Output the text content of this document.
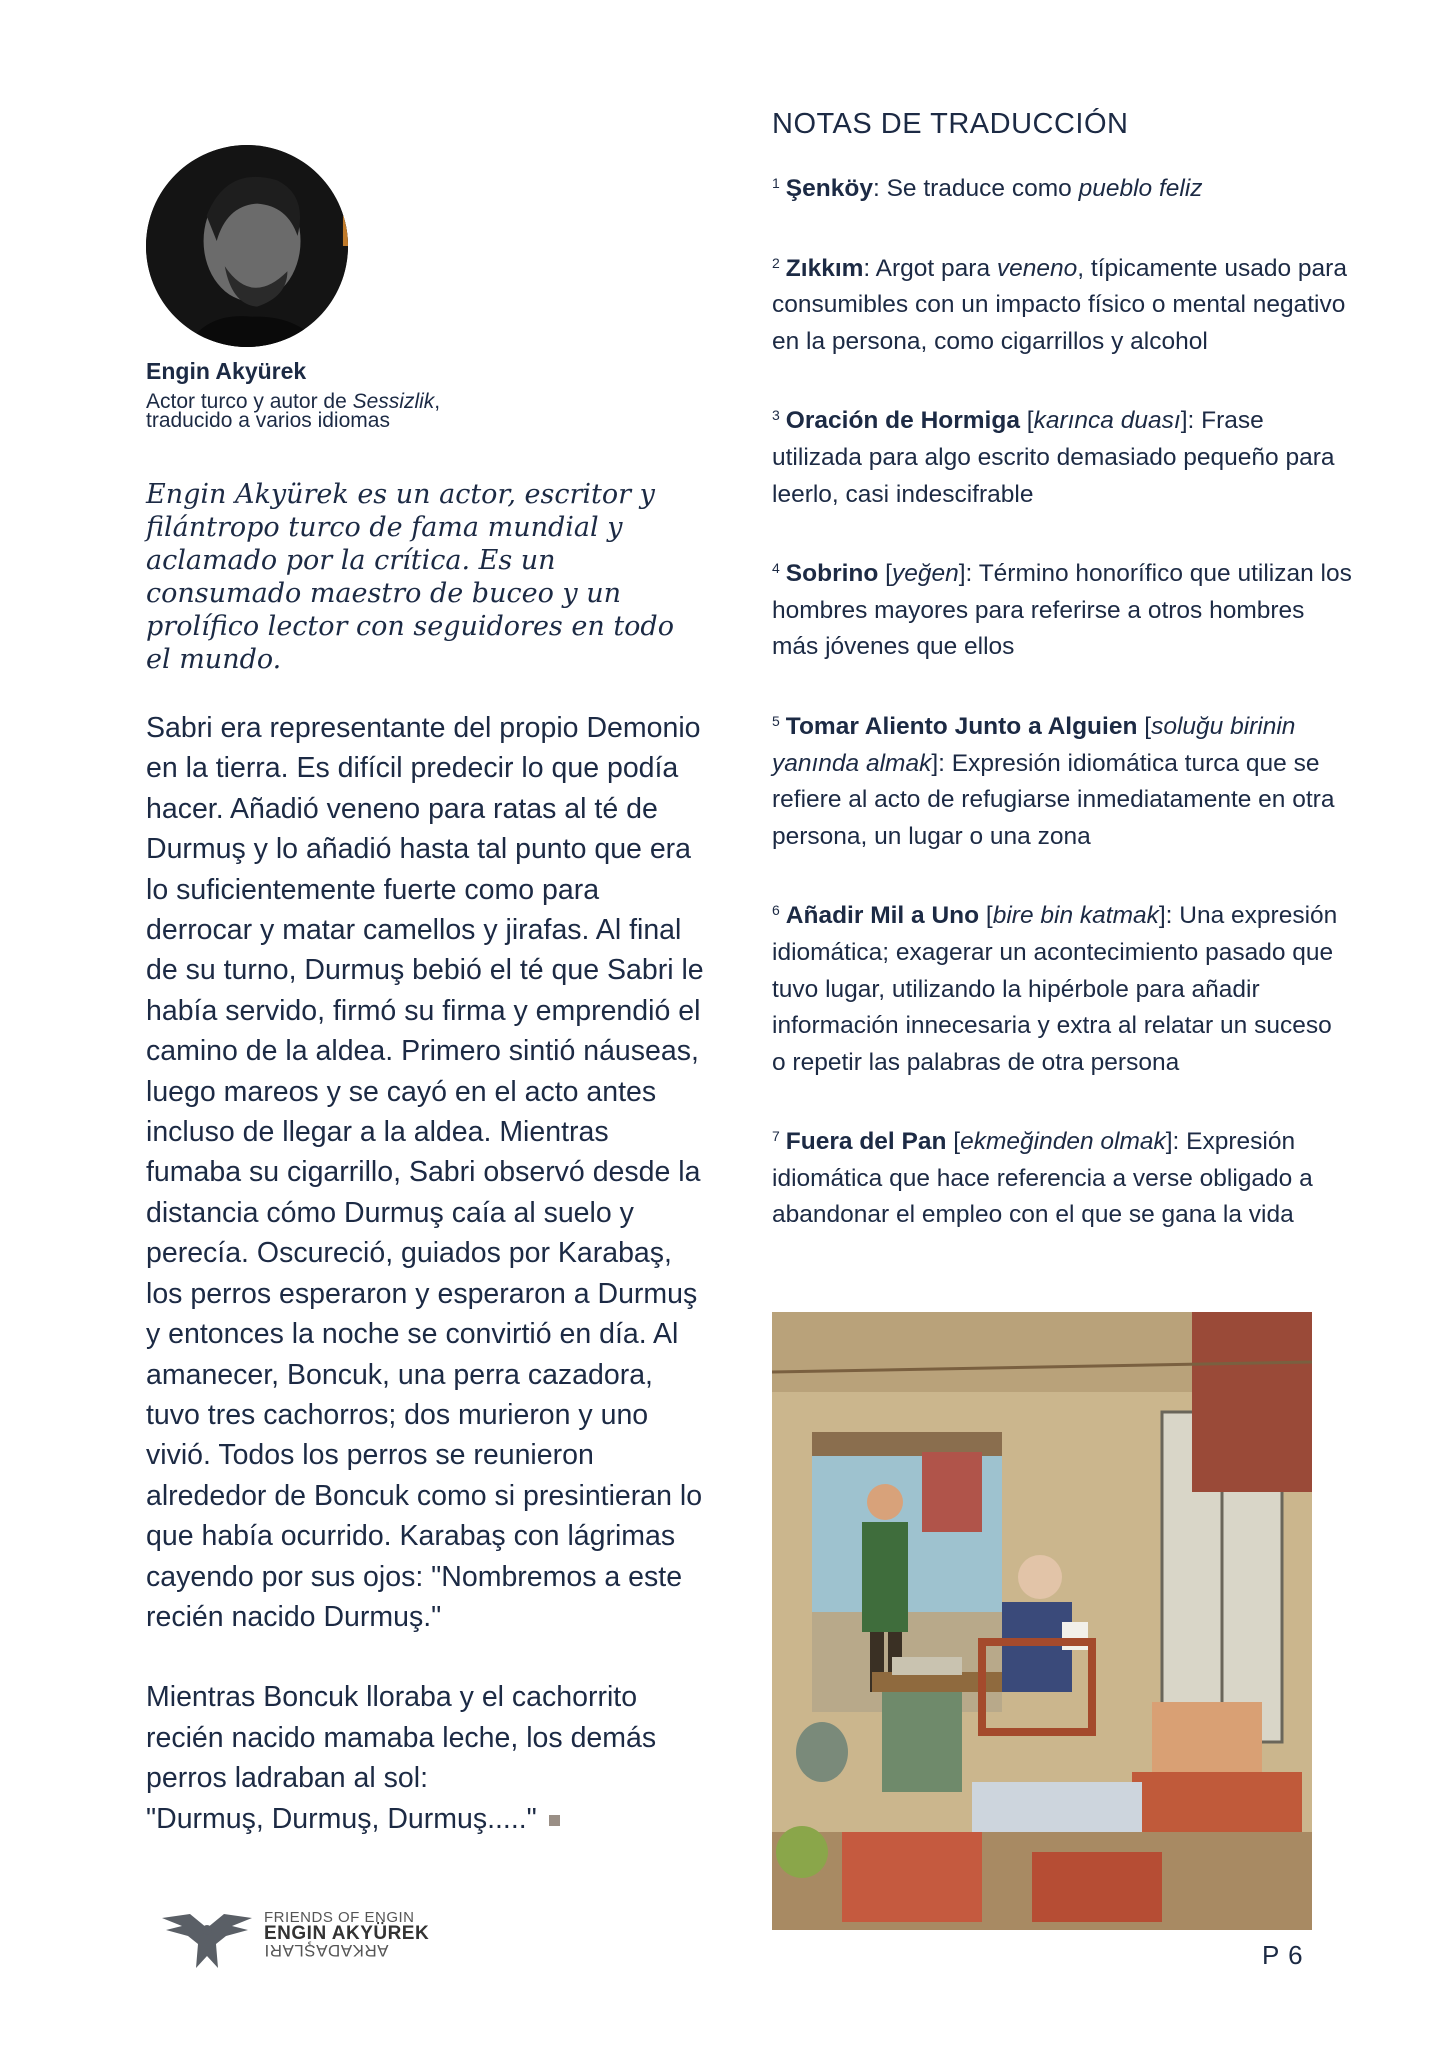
Engin Akyürek
Actor turco y autor de Sessizlik,
traducido a varios idiomas
Engin Akyürek es un actor, escritor y filántropo turco de fama mundial y aclamado por la crítica. Es un consumado maestro de buceo y un prolífico lector con seguidores en todo el mundo.

Sabri era representante del propio Demonio en la tierra. Es difícil predecir lo que podía hacer. Añadió veneno para ratas al té de Durmuş y lo añadió hasta tal punto que era lo suficientemente fuerte como para derrocar y matar camellos y jirafas. Al final de su turno, Durmuş bebió el té que Sabri le había servido, firmó su firma y emprendió el camino de la aldea. Primero sintió náuseas, luego mareos y se cayó en el acto antes incluso de llegar a la aldea. Mientras fumaba su cigarrillo, Sabri observó desde la distancia cómo Durmuş caía al suelo y perecía. Oscureció, guiados por Karabaş, los perros esperaron y esperaron a Durmuş y entonces la noche se convirtió en día. Al amanecer, Boncuk, una perra cazadora, tuvo tres cachorros; dos murieron y uno vivió. Todos los perros se reunieron alrededor de Boncuk como si presintieran lo que había ocurrido. Karabaş con lágrimas cayendo por sus ojos: "Nombremos a este recién nacido Durmuş."

Mientras Boncuk lloraba y el cachorrito recién nacido mamaba leche, los demás perros ladraban al sol:
"Durmuş, Durmuş, Durmuş....."

FRIENDS OF ENGIN
ENGIN AKYÜREK
ARKADAŞLARI
NOTAS DE TRADUCCIÓN
$^1$ Şenköy: Se traduce como pueblo feliz
$^2$ Zıkkım: Argot para veneno, típicamente usado para consumibles con un impacto físico o mental negativo en la persona, como cigarrillos y alcohol
$^3$ Oración de Hormiga [karınca duası]: Frase utilizada para algo escrito demasiado pequeño para leerlo, casi indescifrable
$^4$ Sobrino [yeğen]: Término honorífico que utilizan los hombres mayores para referirse a otros hombres más jóvenes que ellos
$^5$ Tomar Aliento Junto a Alguien [soluğu birinin yanında almak]: Expresión idiomática turca que se refiere al acto de refugiarse inmediatamente en otra persona, un lugar o una zona
$^6$ Añadir Mil a Uno [bire bin katmak]: Una expresión idiomática; exagerar un acontecimiento pasado que tuvo lugar, utilizando la hipérbole para añadir información innecesaria y extra al relatar un suceso o repetir las palabras de otra persona
$^7$ Fuera del Pan [ekmeğinden olmak]: Expresión idiomática que hace referencia a verse obligado a abandonar el empleo con el que se gana la vida
P 6
